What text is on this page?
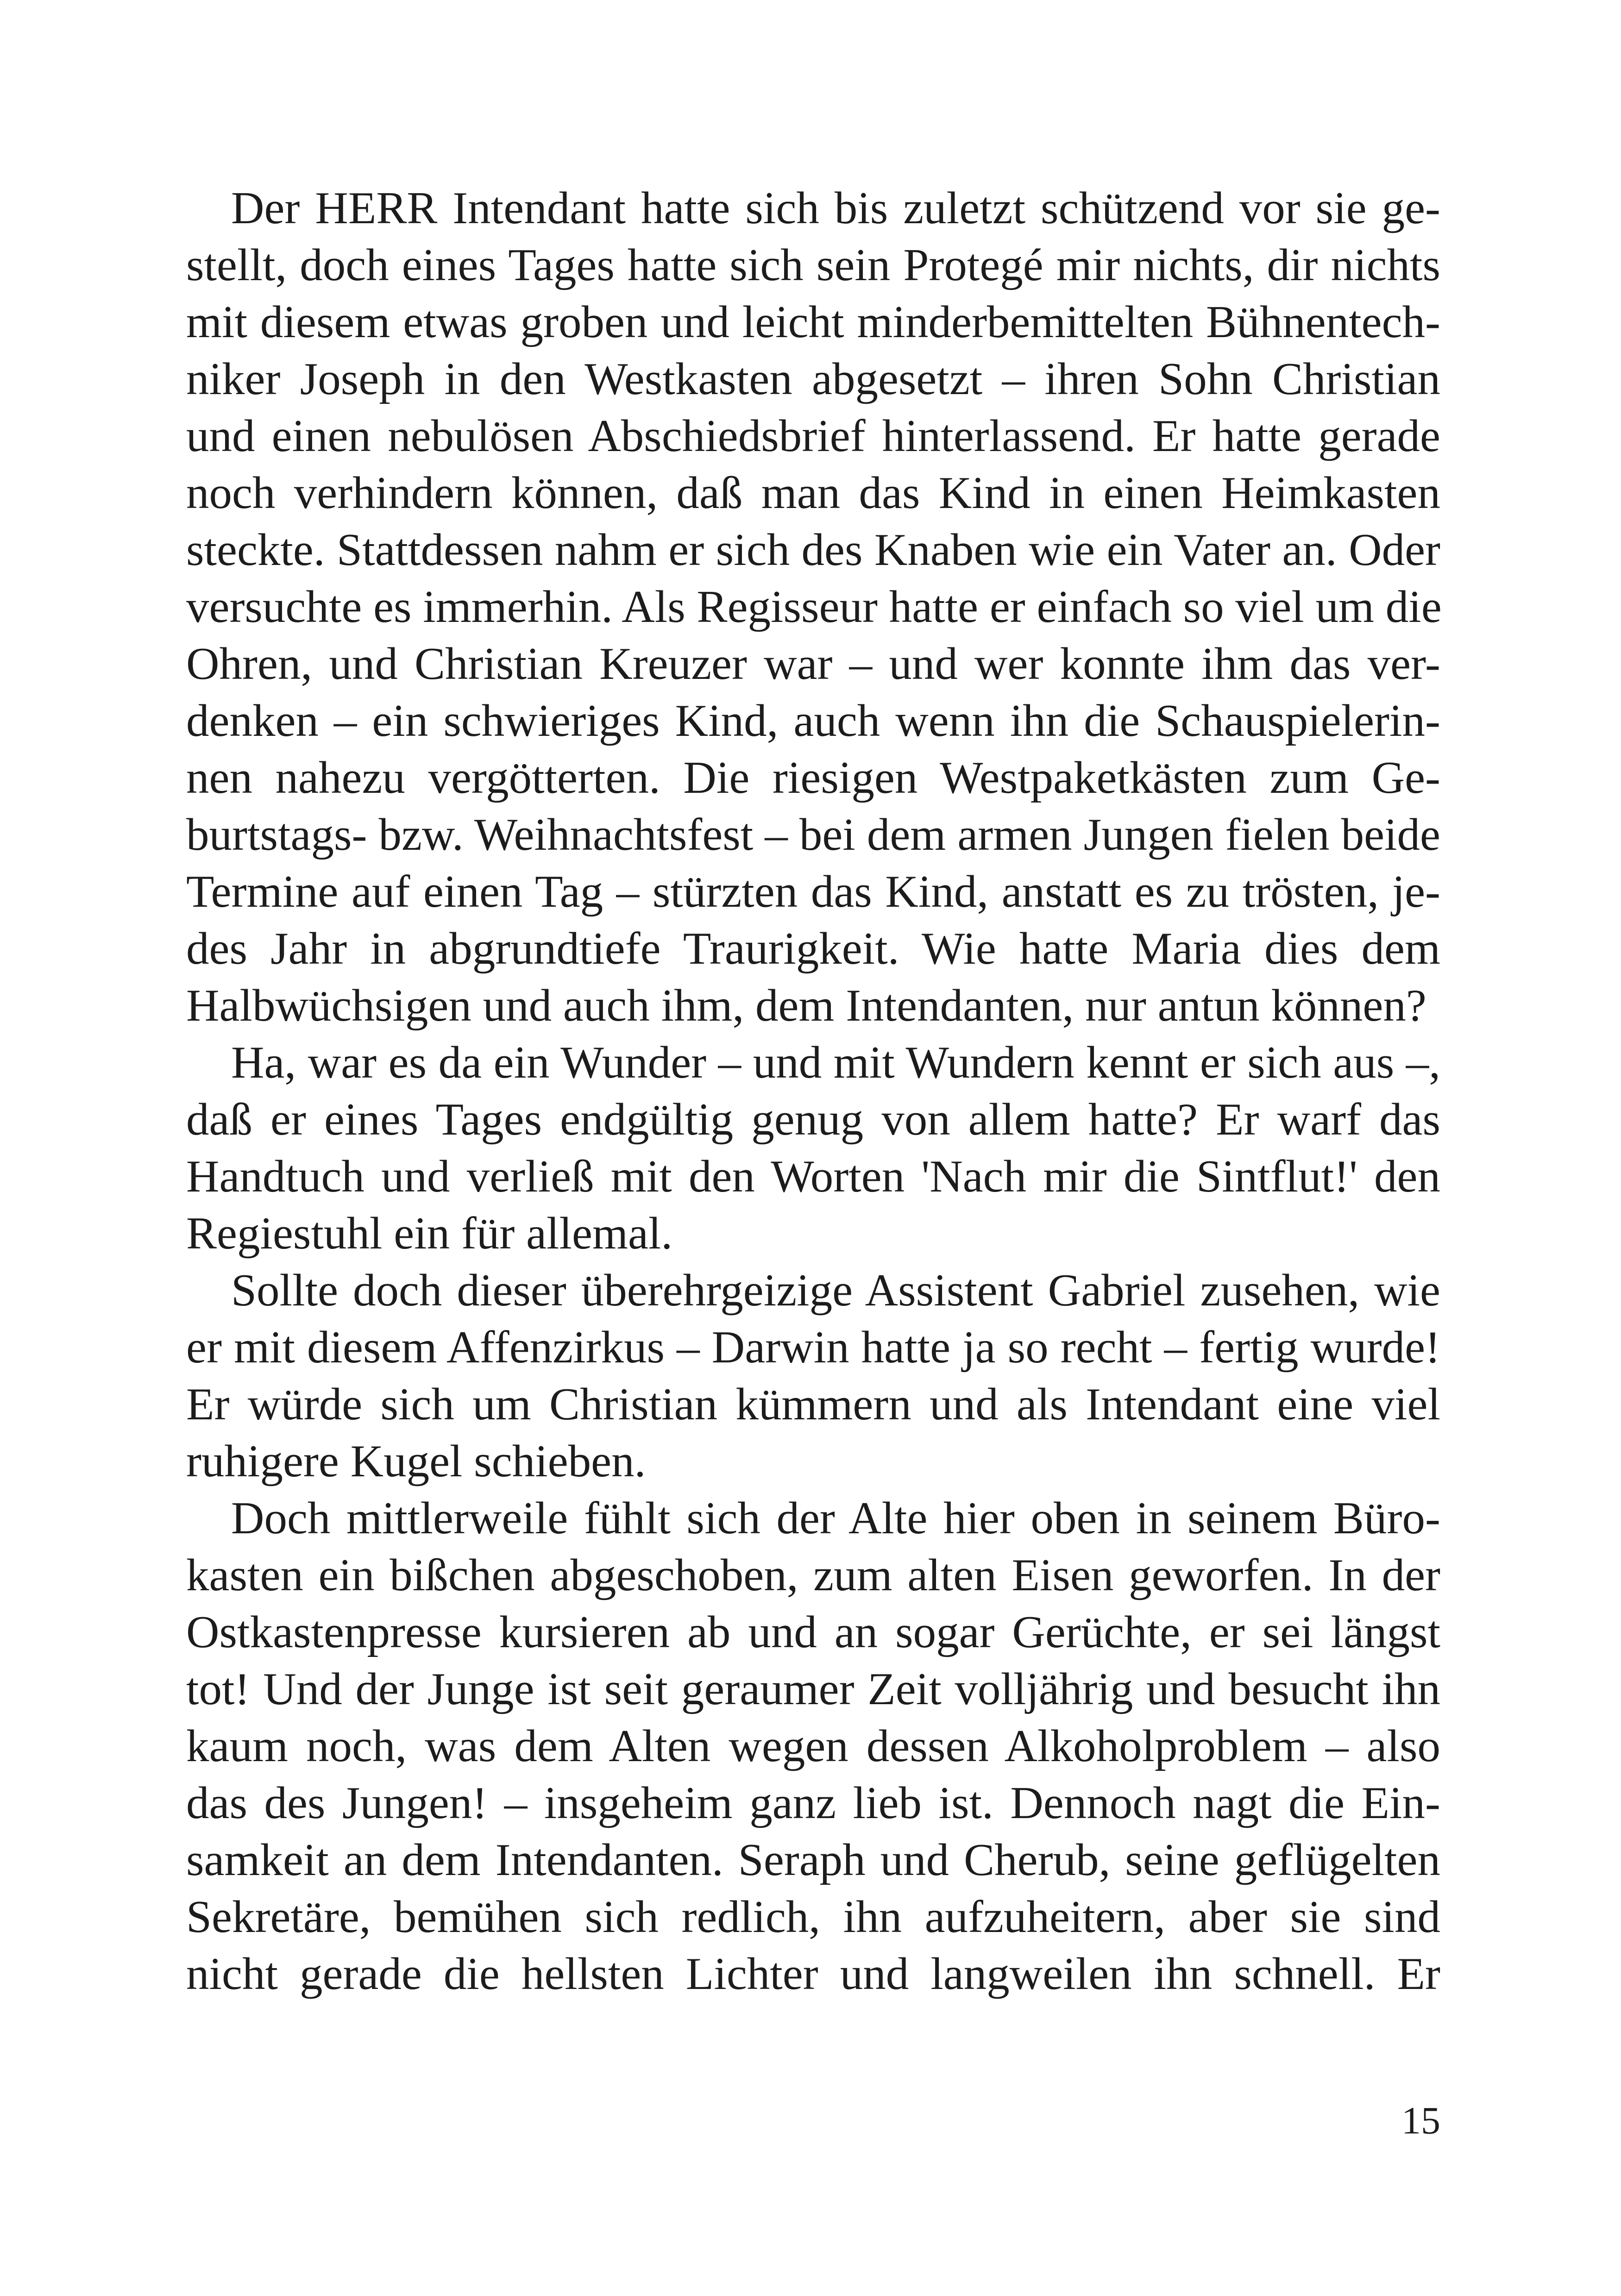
Der HERR Intendant hatte sich bis zuletzt schützend vor sie ge-
stellt, doch eines Tages hatte sich sein Protegé mir nichts, dir nichts
mit diesem etwas groben und leicht minderbemittelten Bühnentech-
niker Joseph in den Westkasten abgesetzt – ihren Sohn Christian
und einen nebulösen Abschiedsbrief hinterlassend. Er hatte gerade
noch verhindern können, daß man das Kind in einen Heimkasten
steckte. Stattdessen nahm er sich des Knaben wie ein Vater an. Oder
versuchte es immerhin. Als Regisseur hatte er einfach so viel um die
Ohren, und Christian Kreuzer war – und wer konnte ihm das ver-
denken – ein schwieriges Kind, auch wenn ihn die Schauspielerin-
nen nahezu vergötterten. Die riesigen Westpaketkästen zum Ge-
burtstags- bzw. Weihnachtsfest – bei dem armen Jungen fielen beide
Termine auf einen Tag – stürzten das Kind, anstatt es zu trösten, je-
des Jahr in abgrundtiefe Traurigkeit. Wie hatte Maria dies dem
Halbwüchsigen und auch ihm, dem Intendanten, nur antun können?
Ha, war es da ein Wunder – und mit Wundern kennt er sich aus –,
daß er eines Tages endgültig genug von allem hatte? Er warf das
Handtuch und verließ mit den Worten 'Nach mir die Sintflut!' den
Regiestuhl ein für allemal.
Sollte doch dieser überehrgeizige Assistent Gabriel zusehen, wie
er mit diesem Affenzirkus – Darwin hatte ja so recht – fertig wurde!
Er würde sich um Christian kümmern und als Intendant eine viel
ruhigere Kugel schieben.
Doch mittlerweile fühlt sich der Alte hier oben in seinem Büro-
kasten ein bißchen abgeschoben, zum alten Eisen geworfen. In der
Ostkastenpresse kursieren ab und an sogar Gerüchte, er sei längst
tot! Und der Junge ist seit geraumer Zeit volljährig und besucht ihn
kaum noch, was dem Alten wegen dessen Alkoholproblem – also
das des Jungen! – insgeheim ganz lieb ist. Dennoch nagt die Ein-
samkeit an dem Intendanten. Seraph und Cherub, seine geflügelten
Sekretäre, bemühen sich redlich, ihn aufzuheitern, aber sie sind
nicht gerade die hellsten Lichter und langweilen ihn schnell. Er
15
